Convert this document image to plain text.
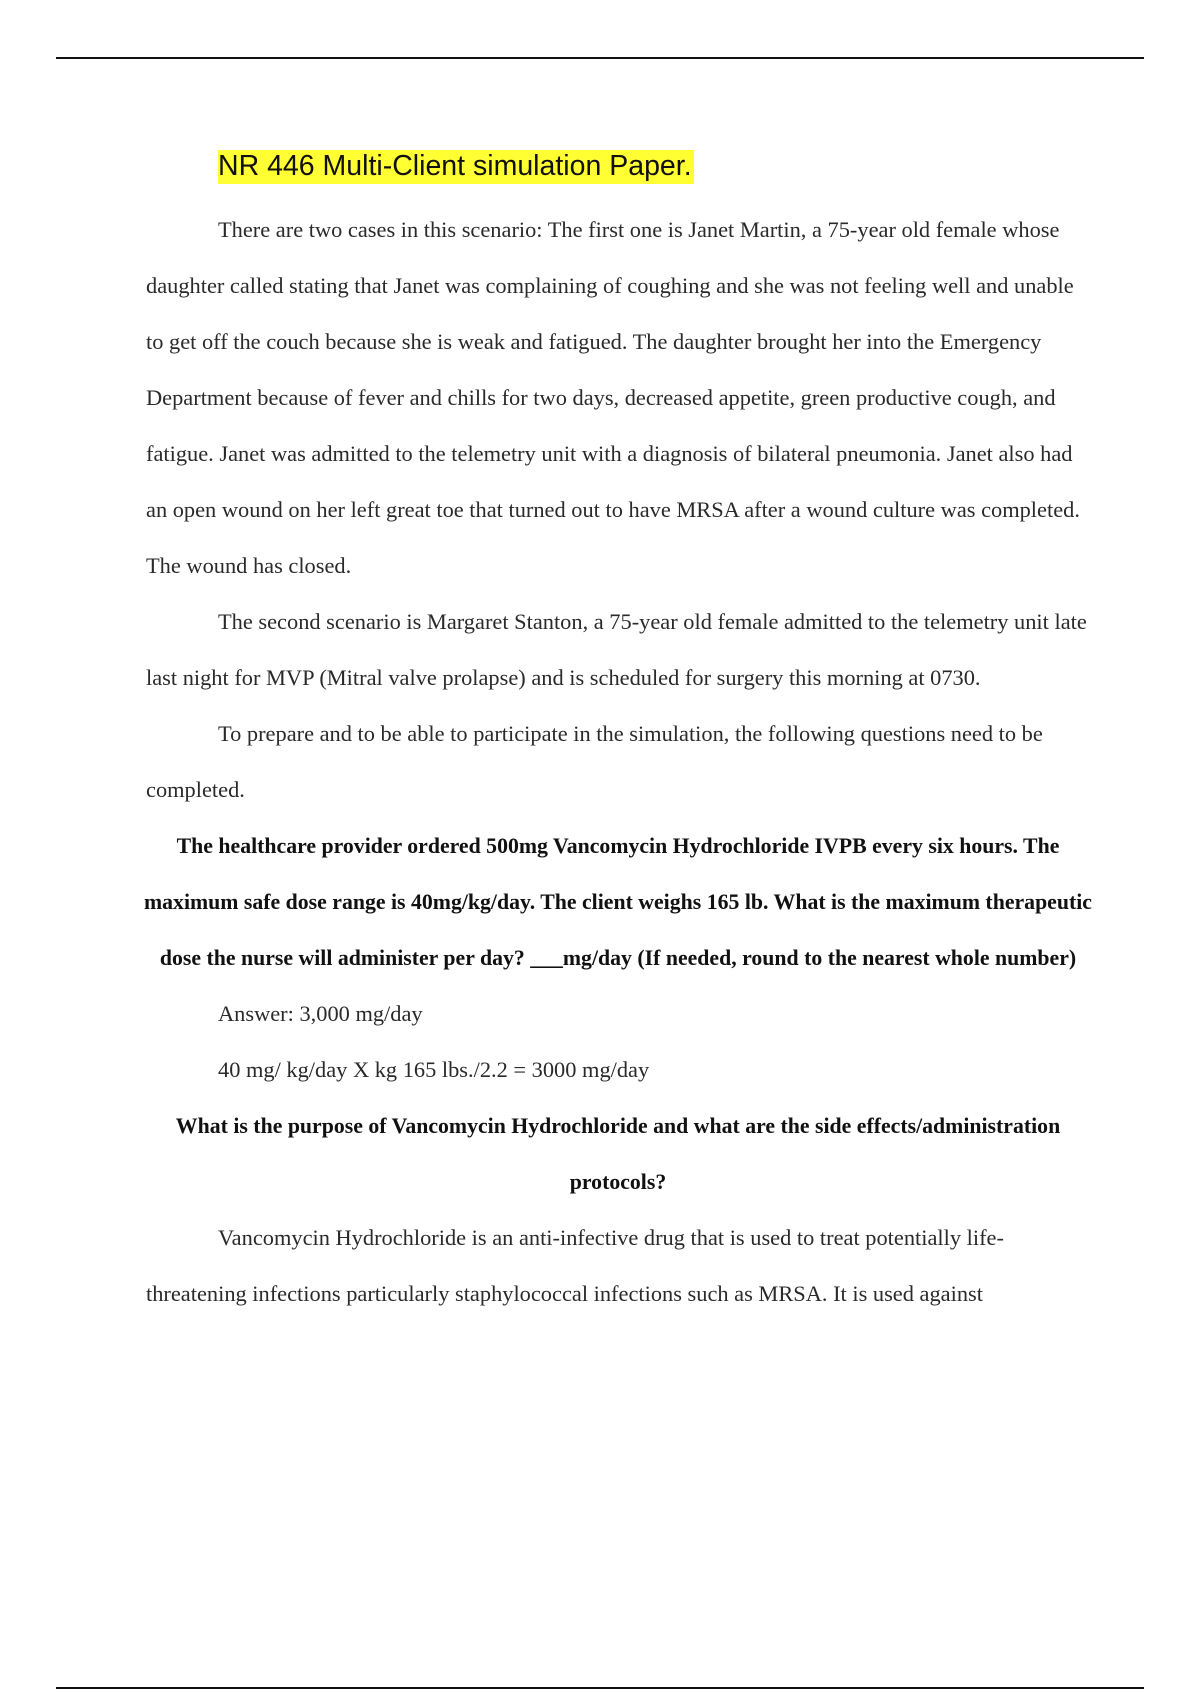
NR 446 Multi-Client simulation Paper.

There are two cases in this scenario: The first one is Janet Martin, a 75-year old female whose daughter called stating that Janet was complaining of coughing and she was not feeling well and unable to get off the couch because she is weak and fatigued. The daughter brought her into the Emergency Department because of fever and chills for two days, decreased appetite, green productive cough, and fatigue. Janet was admitted to the telemetry unit with a diagnosis of bilateral pneumonia. Janet also had an open wound on her left great toe that turned out to have MRSA after a wound culture was completed. The wound has closed.

The second scenario is Margaret Stanton, a 75-year old female admitted to the telemetry unit late last night for MVP (Mitral valve prolapse) and is scheduled for surgery this morning at 0730.

To prepare and to be able to participate in the simulation, the following questions need to be completed.

The healthcare provider ordered 500mg Vancomycin Hydrochloride IVPB every six hours. The maximum safe dose range is 40mg/kg/day. The client weighs 165 lb. What is the maximum therapeutic dose the nurse will administer per day? ___mg/day (If needed, round to the nearest whole number)

Answer: 3,000 mg/day

40 mg/ kg/day X kg 165 lbs./2.2 = 3000 mg/day

What is the purpose of Vancomycin Hydrochloride and what are the side effects/administration protocols?

Vancomycin Hydrochloride is an anti-infective drug that is used to treat potentially life-threatening infections particularly staphylococcal infections such as MRSA. It is used against
